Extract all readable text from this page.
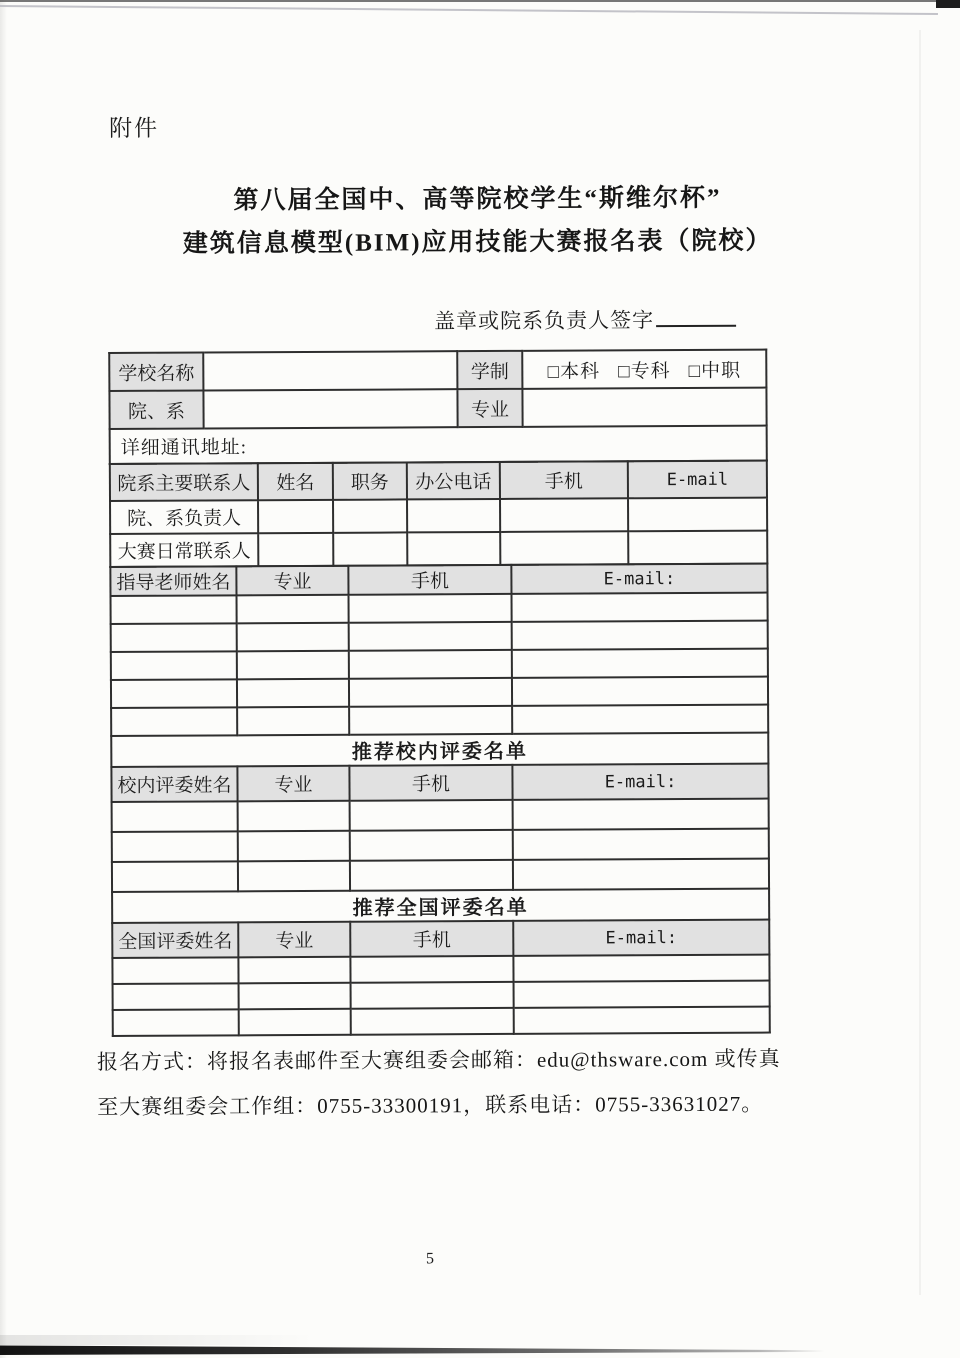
附件
第八届全国中、高等院校学生“斯维尔杯”
建筑信息模型(BIM)应用技能大赛报名表（院校）
盖章或院系负责人签字
学校名称		学制	□本科 □专科 □中职
院、系		专业	
详细通讯地址:			
院系主要联系人	姓名	职务	办公电话	手机	E-mail
院、系负责人					
大赛日常联系人					
指导老师姓名	专业	手机	E-mail:

推荐校内评委名单			
校内评委姓名	专业	手机	E-mail:

推荐全国评委名单			
全国评委姓名	专业	手机	E-mail:

报名方式：将报名表邮件至大赛组委会邮箱：edu@thsware.com 或传真
至大赛组委会工作组：0755-33300191，联系电话：0755-33631027。
5
